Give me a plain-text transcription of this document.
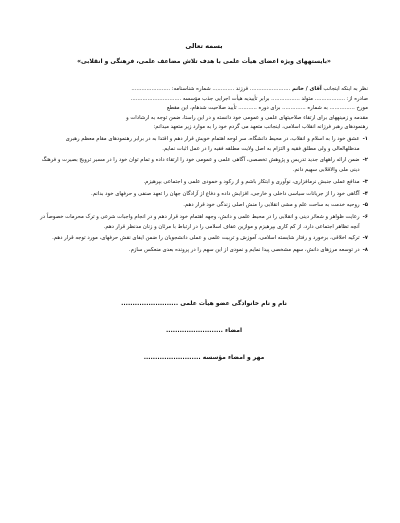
بسمه تعالی
«بایستههای ویژه اعضای هیأت علمی با هدف تلاش مضاعف علمی، فرهنگی و انقلابی»

نظر به اینکه اینجانب آقای / خانم ........................ فرزند ............. شماره شناسنامه: .......................

صادره از: .................. متولد ................. برابر تأییدیه هیأت اجرایی جذب مؤسسه ..............................

مورخ ............... به شماره .............. برای دوره ........... تأیید صلاحیت شدهام، این مقطع

مقدمه و زمینههای برای ارتقاء صلاحیتهای علمی و عمومی خود دانسته و در این راستا، ضمن توجه به ارشادات و

رهنمودهای رهبر فرزانه انقلاب اسلامی، اینجانب متعهد می گردم خود را به موارد زیر متعهد میدانم:

۱-
عشق خود را به اسلام و انقلاب، در محیط دانشگاه، سر لوحه اهتمام خویش قرار دهم و اقتدا به در برابر رهنمودهای مقام معظم رهبری مدظلهالعالی و ولی مطلق فقیه و التزام به اصل ولایت مطلقه فقیه را در عمل اثبات نمایم.
۲-
ضمن ارائه راههای جدید تدریس و پژوهش تخصصی، آگاهی علمی و عمومی خود را ارتقاء داده و تمام توان خود را در مسیر ترویج بصیرت و فرهنگ دینی ملی والاقلابی سهیم دانم.
۳-
مدافع عملی جنبش نرمافزاری، نوآوری و ابتکار باشم و از رکود و خمودی علمی و اجتماعی بپرهیزم.
۴-
آگاهی خود را از جریانات سیاسی داخلی و خارجی، افزایش داده و دفاع از آزادگان جهان را تعهد صنفی و حرفهای خود بدانم.
۵-
روحیه خدمت به ساحت علم و مشی انقلابی را منش اصلی زندگی خود قرار دهم.
۶-
رعایت ظواهر و شعائر دینی و انقلابی را در محیط علمی و دانش، وجهه اهتمام خود قرار دهم و در انجام واجبات شرعی و ترک محرمات خصوصاً در آنچه تظاهر اجتماعی دارد، از کم کاری بپرهیزم و موازین عفاف اسلامی را در ارتباط با مرئان و زنان مدنظر قرار دهم.
۷-
ترکیه اخلاقی، برخورد و رفتار شایسته اسلامی، آموزش و تربیت علمی و عملی دانشجویان را ضمن ایفای نقش حرفهای، مورد توجه قرار دهم.
۸-
در توسعه مرزهای دانش، سهم مشخصی پیدا نمایم و نمودی از این سهم را در پرونده بعدی منعکس سازم.
نام و نام خانوادگی عضو هیأت علمی .........................
امضاء .........................
مهر و امضاء مؤسسه .........................
